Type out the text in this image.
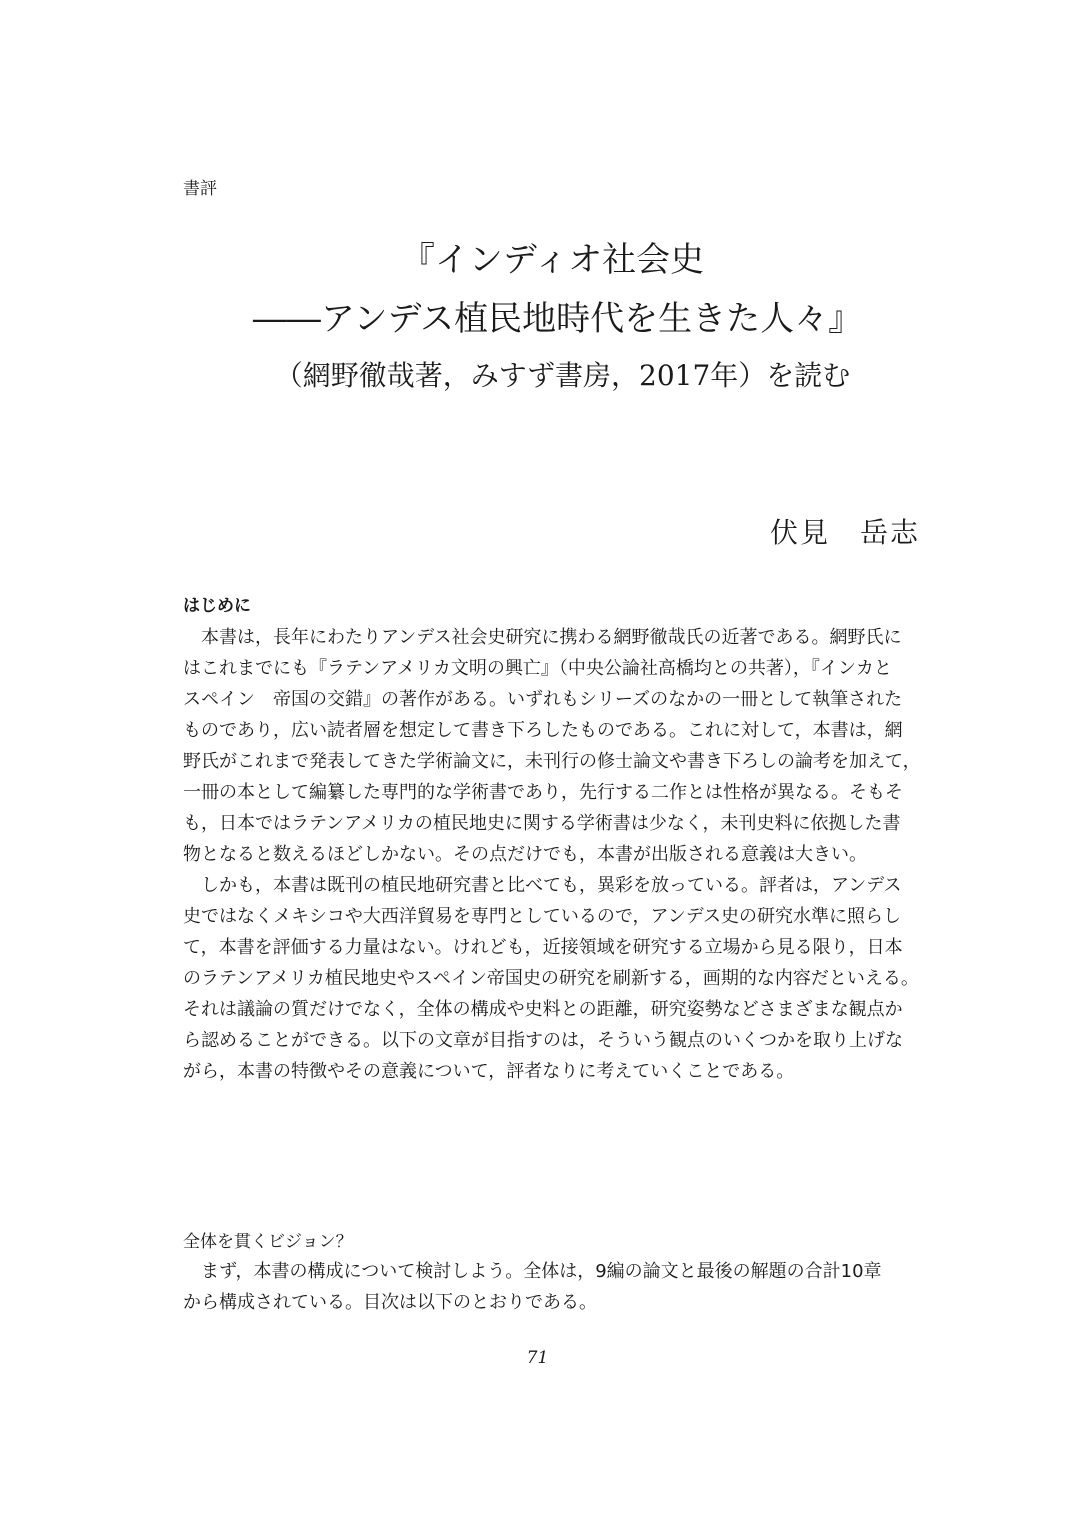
書評
『インディオ社会史
――アンデス植民地時代を生きた人々』
（網野徹哉著，みすず書房，2017年）を読む
伏見　岳志
はじめに
　本書は，長年にわたりアンデス社会史研究に携わる網野徹哉氏の近著である。網野氏に
はこれまでにも『ラテンアメリカ文明の興亡』（中央公論社高橋均との共著），『インカと
スペイン　帝国の交錯』の著作がある。いずれもシリーズのなかの一冊として執筆された
ものであり，広い読者層を想定して書き下ろしたものである。これに対して，本書は，網
野氏がこれまで発表してきた学術論文に，未刊行の修士論文や書き下ろしの論考を加えて，
一冊の本として編纂した専門的な学術書であり，先行する二作とは性格が異なる。そもそ
も，日本ではラテンアメリカの植民地史に関する学術書は少なく，未刊史料に依拠した書
物となると数えるほどしかない。その点だけでも，本書が出版される意義は大きい。
　しかも，本書は既刊の植民地研究書と比べても，異彩を放っている。評者は，アンデス
史ではなくメキシコや大西洋貿易を専門としているので，アンデス史の研究水準に照らし
て，本書を評価する力量はない。けれども，近接領域を研究する立場から見る限り，日本
のラテンアメリカ植民地史やスペイン帝国史の研究を刷新する，画期的な内容だといえる。
それは議論の質だけでなく，全体の構成や史料との距離，研究姿勢などさまざまな観点か
ら認めることができる。以下の文章が目指すのは，そういう観点のいくつかを取り上げな
がら，本書の特徴やその意義について，評者なりに考えていくことである。
全体を貫くビジョン？
　まず，本書の構成について検討しよう。全体は，9編の論文と最後の解題の合計10章
から構成されている。目次は以下のとおりである。
71
